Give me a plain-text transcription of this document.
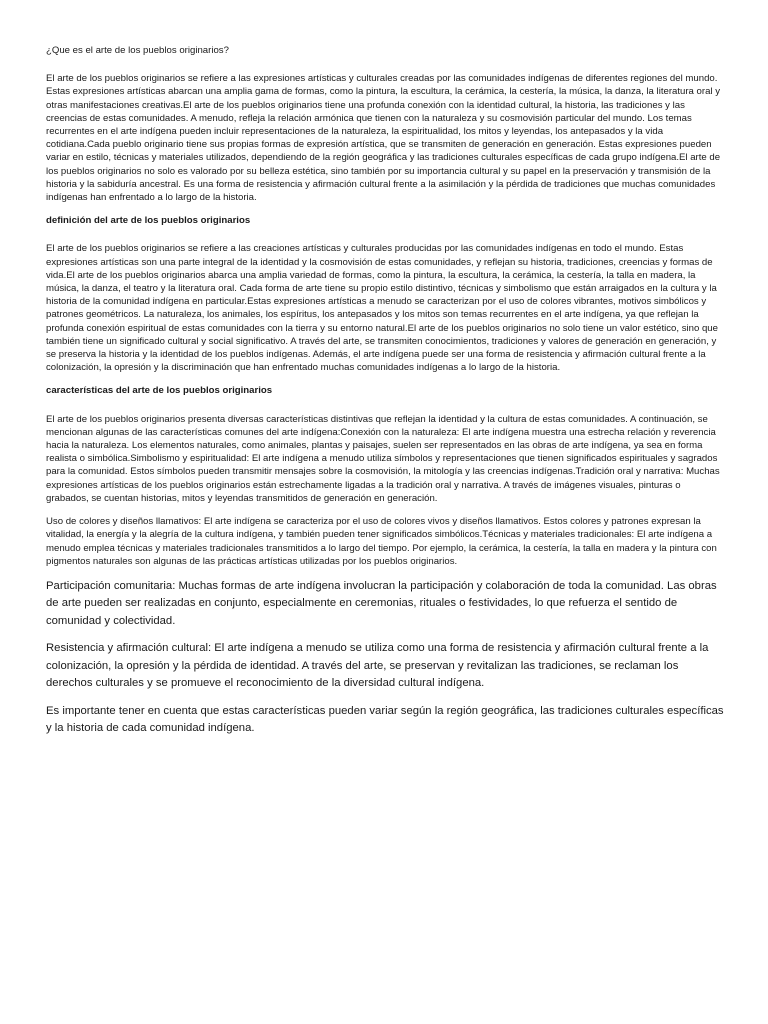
¿Que es el arte de los pueblos originarios?

El arte de los pueblos originarios se refiere a las expresiones artísticas y culturales creadas por las comunidades indígenas de diferentes regiones del mundo. Estas expresiones artísticas abarcan una amplia gama de formas, como la pintura, la escultura, la cerámica, la cestería, la música, la danza, la literatura oral y otras manifestaciones creativas.El arte de los pueblos originarios tiene una profunda conexión con la identidad cultural, la historia, las tradiciones y las creencias de estas comunidades. A menudo, refleja la relación armónica que tienen con la naturaleza y su cosmovisión particular del mundo. Los temas recurrentes en el arte indígena pueden incluir representaciones de la naturaleza, la espiritualidad, los mitos y leyendas, los antepasados y la vida cotidiana.Cada pueblo originario tiene sus propias formas de expresión artística, que se transmiten de generación en generación. Estas expresiones pueden variar en estilo, técnicas y materiales utilizados, dependiendo de la región geográfica y las tradiciones culturales específicas de cada grupo indígena.El arte de los pueblos originarios no solo es valorado por su belleza estética, sino también por su importancia cultural y su papel en la preservación y transmisión de la historia y la sabiduría ancestral. Es una forma de resistencia y afirmación cultural frente a la asimilación y la pérdida de tradiciones que muchas comunidades indígenas han enfrentado a lo largo de la historia.

definición del arte de los pueblos originarios

El arte de los pueblos originarios se refiere a las creaciones artísticas y culturales producidas por las comunidades indígenas en todo el mundo. Estas expresiones artísticas son una parte integral de la identidad y la cosmovisión de estas comunidades, y reflejan su historia, tradiciones, creencias y formas de vida.El arte de los pueblos originarios abarca una amplia variedad de formas, como la pintura, la escultura, la cerámica, la cestería, la talla en madera, la música, la danza, el teatro y la literatura oral. Cada forma de arte tiene su propio estilo distintivo, técnicas y simbolismo que están arraigados en la cultura y la historia de la comunidad indígena en particular.Estas expresiones artísticas a menudo se caracterizan por el uso de colores vibrantes, motivos simbólicos y patrones geométricos. La naturaleza, los animales, los espíritus, los antepasados y los mitos son temas recurrentes en el arte indígena, ya que reflejan la profunda conexión espiritual de estas comunidades con la tierra y su entorno natural.El arte de los pueblos originarios no solo tiene un valor estético, sino que también tiene un significado cultural y social significativo. A través del arte, se transmiten conocimientos, tradiciones y valores de generación en generación, y se preserva la historia y la identidad de los pueblos indígenas. Además, el arte indígena puede ser una forma de resistencia y afirmación cultural frente a la colonización, la opresión y la discriminación que han enfrentado muchas comunidades indígenas a lo largo de la historia.

características del arte de los pueblos originarios

El arte de los pueblos originarios presenta diversas características distintivas que reflejan la identidad y la cultura de estas comunidades. A continuación, se mencionan algunas de las características comunes del arte indígena:Conexión con la naturaleza: El arte indígena muestra una estrecha relación y reverencia hacia la naturaleza. Los elementos naturales, como animales, plantas y paisajes, suelen ser representados en las obras de arte indígena, ya sea en forma realista o simbólica.Simbolismo y espiritualidad: El arte indígena a menudo utiliza símbolos y representaciones que tienen significados espirituales y sagrados para la comunidad. Estos símbolos pueden transmitir mensajes sobre la cosmovisión, la mitología y las creencias indígenas.Tradición oral y narrativa: Muchas expresiones artísticas de los pueblos originarios están estrechamente ligadas a la tradición oral y narrativa. A través de imágenes visuales, pinturas o grabados, se cuentan historias, mitos y leyendas transmitidos de generación en generación.

Uso de colores y diseños llamativos: El arte indígena se caracteriza por el uso de colores vivos y diseños llamativos. Estos colores y patrones expresan la vitalidad, la energía y la alegría de la cultura indígena, y también pueden tener significados simbólicos.Técnicas y materiales tradicionales: El arte indígena a menudo emplea técnicas y materiales tradicionales transmitidos a lo largo del tiempo. Por ejemplo, la cerámica, la cestería, la talla en madera y la pintura con pigmentos naturales son algunas de las prácticas artísticas utilizadas por los pueblos originarios.

Participación comunitaria: Muchas formas de arte indígena involucran la participación y colaboración de toda la comunidad. Las obras de arte pueden ser realizadas en conjunto, especialmente en ceremonias, rituales o festividades, lo que refuerza el sentido de comunidad y colectividad.

Resistencia y afirmación cultural: El arte indígena a menudo se utiliza como una forma de resistencia y afirmación cultural frente a la colonización, la opresión y la pérdida de identidad. A través del arte, se preservan y revitalizan las tradiciones, se reclaman los derechos culturales y se promueve el reconocimiento de la diversidad cultural indígena.

Es importante tener en cuenta que estas características pueden variar según la región geográfica, las tradiciones culturales específicas y la historia de cada comunidad indígena.
